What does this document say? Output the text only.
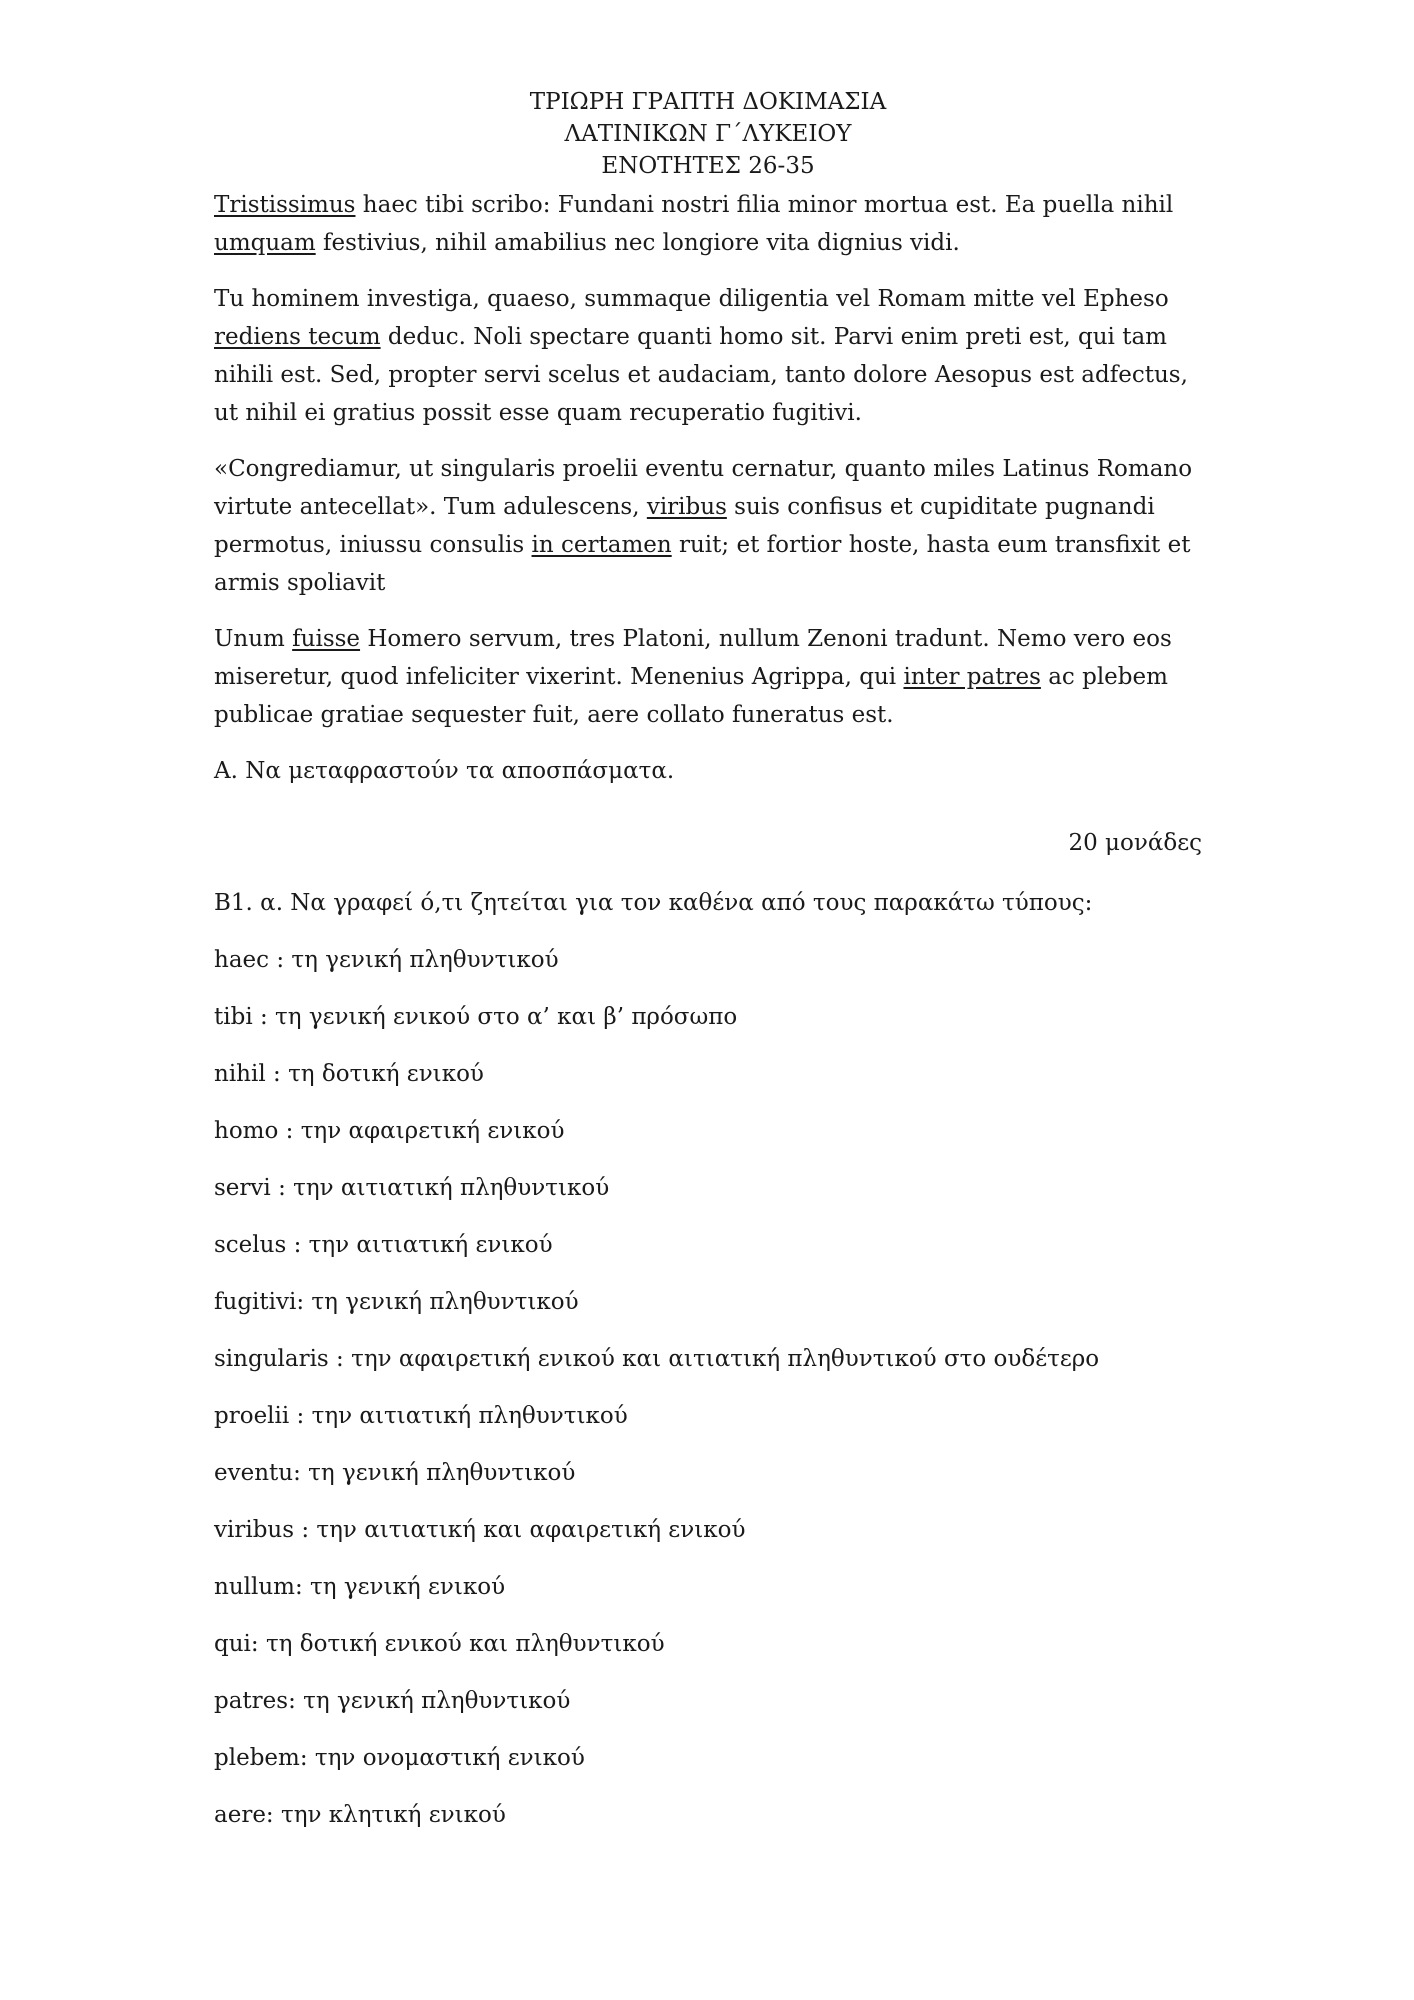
ΤΡΙΩΡΗ ΓΡΑΠΤΗ ΔΟΚΙΜΑΣΙΑ
ΛΑΤΙΝΙΚΩΝ Γ΄ΛΥΚΕΙΟΥ
ΕΝΟΤΗΤΕΣ 26-35

Tristissimus haec tibi scribo: Fundani nostri filia minor mortua est. Ea puella nihil umquam festivius, nihil amabilius nec longiore vita dignius vidi.

Tu hominem investiga, quaeso, summaque diligentia vel Romam mitte vel Epheso rediens tecum deduc. Noli spectare quanti homo sit. Parvi enim preti est, qui tam nihili est. Sed, propter servi scelus et audaciam, tanto dolore Aesopus est adfectus, ut nihil ei gratius possit esse quam recuperatio fugitivi.

«Congrediamur, ut singularis proelii eventu cernatur, quanto miles Latinus Romano virtute antecellat». Tum adulescens, viribus suis confisus et cupiditate pugnandi permotus, iniussu consulis in certamen ruit; et fortior hoste, hasta eum transfixit et armis spoliavit

Unum fuisse Homero servum, tres Platoni, nullum Zenoni tradunt. Nemo vero eos miseretur, quod infeliciter vixerint. Menenius Agrippa, qui inter patres ac plebem publicae gratiae sequester fuit, aere collato funeratus est.

Α. Να μεταφραστούν τα αποσπάσματα.

20 μονάδες

Β1. α. Να γραφεί ό,τι ζητείται για τον καθένα από τους παρακάτω τύπους:

haec : τη γενική πληθυντικού

tibi : τη γενική ενικού στο α’ και β’ πρόσωπο

nihil : τη δοτική ενικού

homo : την αφαιρετική ενικού

servi : την αιτιατική πληθυντικού

scelus : την αιτιατική ενικού

fugitivi: τη γενική πληθυντικού

singularis : την αφαιρετική ενικού και αιτιατική πληθυντικού στο ουδέτερο

proelii : την αιτιατική πληθυντικού

eventu: τη γενική πληθυντικού

viribus : την αιτιατική και αφαιρετική ενικού

nullum: τη γενική ενικού

qui: τη δοτική ενικού και πληθυντικού

patres: τη γενική πληθυντικού

plebem: την ονομαστική ενικού

aere: την κλητική ενικού
